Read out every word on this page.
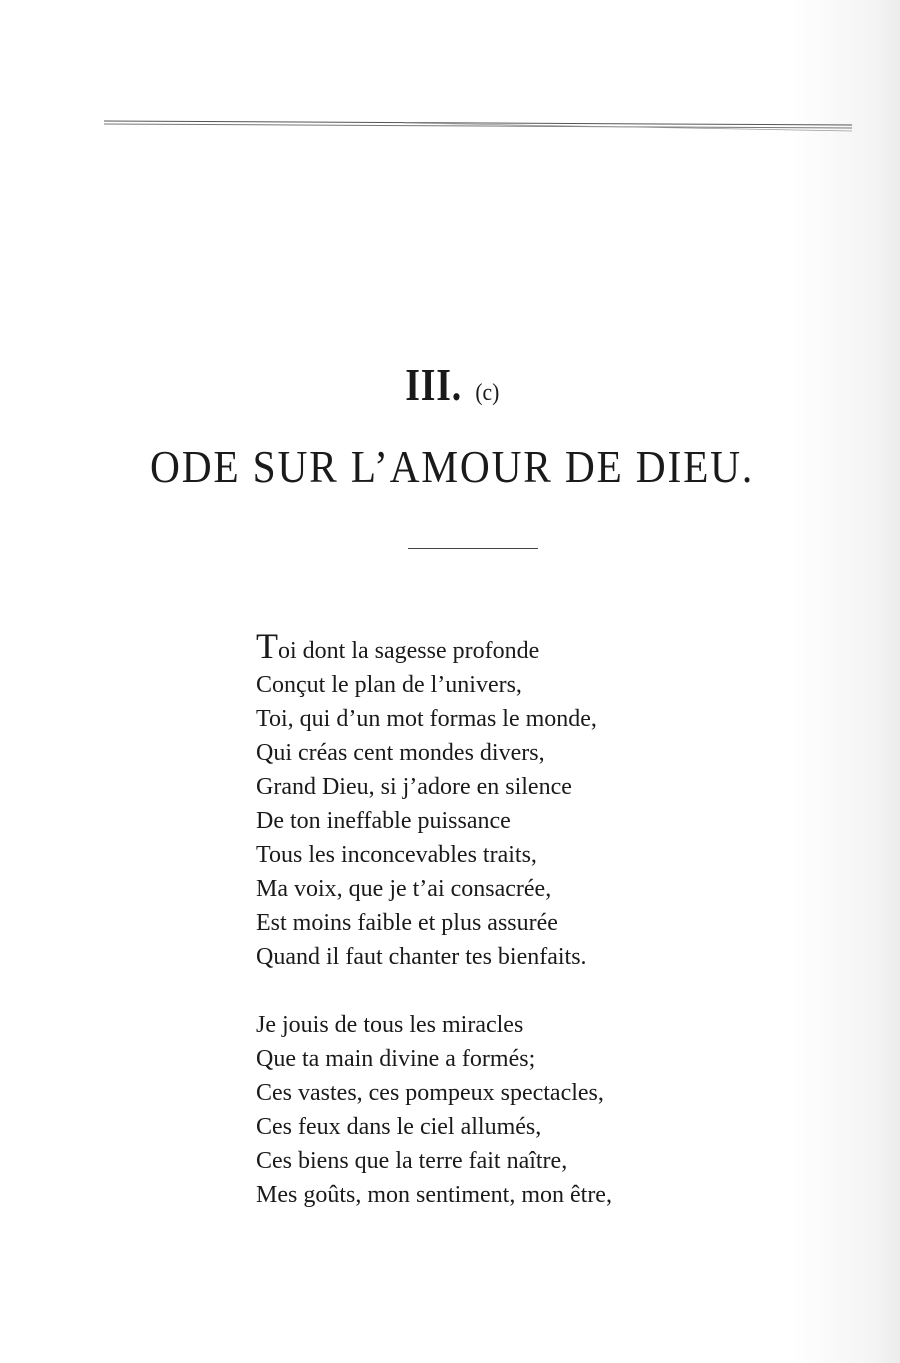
III. (c)
ODE SUR L’AMOUR DE DIEU.
Toi dont la sagesse profonde
Conçut le plan de l’univers,
Toi, qui d’un mot formas le monde,
Qui créas cent mondes divers,
Grand Dieu, si j’adore en silence
De ton ineffable puissance
Tous les inconcevables traits,
Ma voix, que je t’ai consacrée,
Est moins faible et plus assurée
Quand il faut chanter tes bienfaits.
Je jouis de tous les miracles
Que ta main divine a formés;
Ces vastes, ces pompeux spectacles,
Ces feux dans le ciel allumés,
Ces biens que la terre fait naître,
Mes goûts, mon sentiment, mon être,
